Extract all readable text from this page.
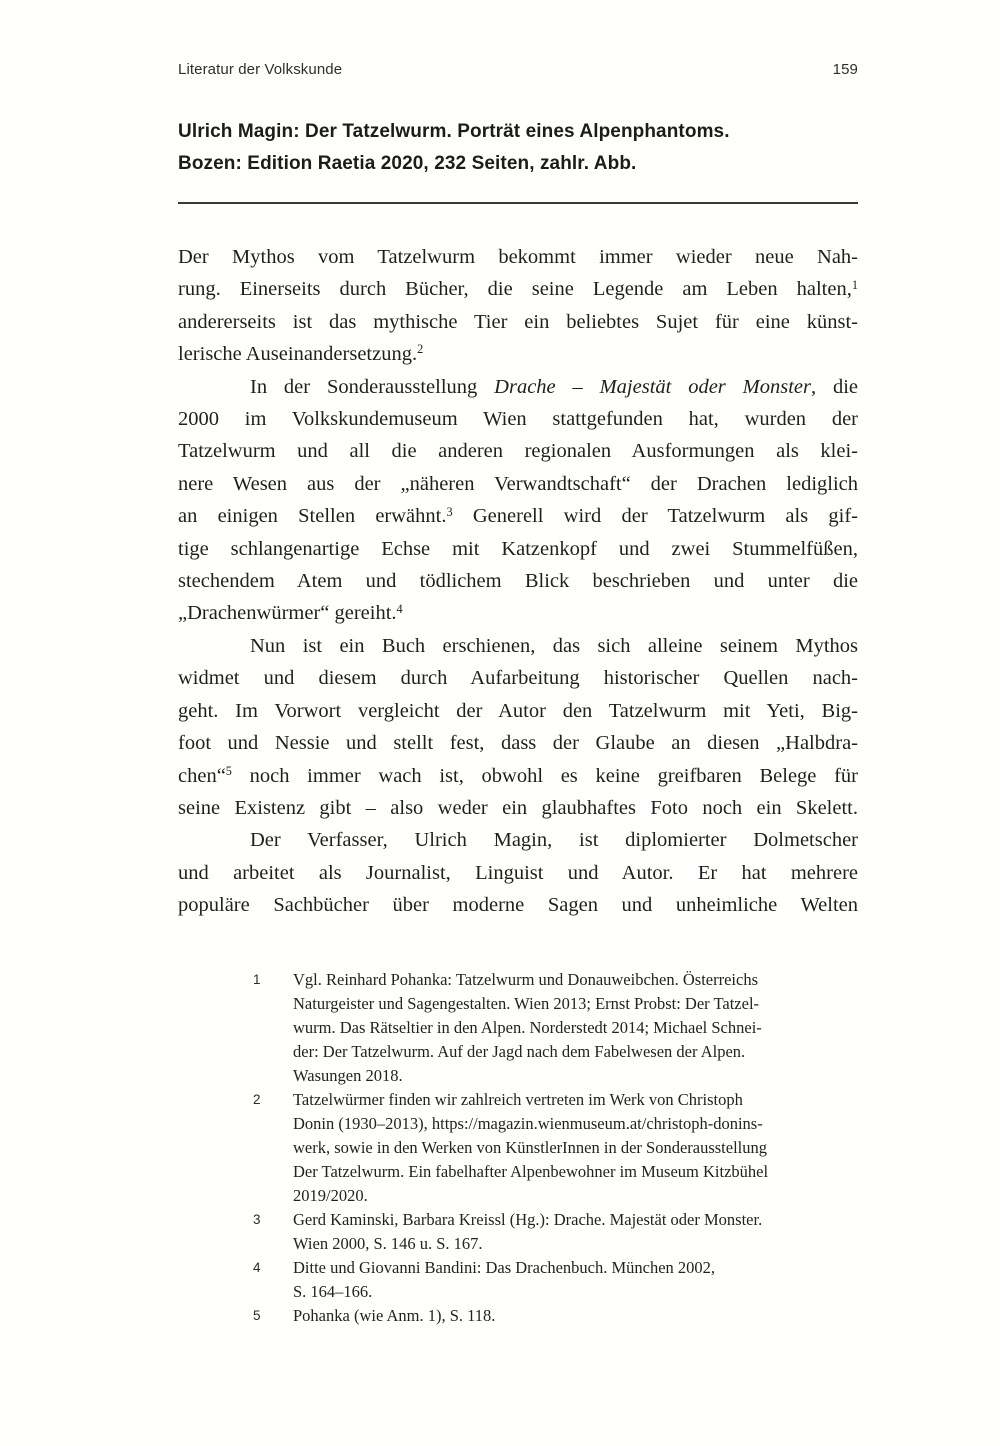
Literatur der Volkskunde	159
Ulrich Magin: Der Tatzelwurm. Porträt eines Alpenphantoms.
Bozen: Edition Raetia 2020, 232 Seiten, zahlr. Abb.
Der Mythos vom Tatzelwurm bekommt immer wieder neue Nah-
rung. Einerseits durch Bücher, die seine Legende am Leben halten,$^1$
andererseits ist das mythische Tier ein beliebtes Sujet für eine künst-
lerische Auseinandersetzung.$^2$
In der Sonderausstellung Drache – Majestät oder Monster, die
2000 im Volkskundemuseum Wien stattgefunden hat, wurden der
Tatzelwurm und all die anderen regionalen Ausformungen als klei-
nere Wesen aus der „näheren Verwandtschaft“ der Drachen lediglich
an einigen Stellen erwähnt.$^3$ Generell wird der Tatzelwurm als gif-
tige schlangenartige Echse mit Katzenkopf und zwei Stummelfüßen,
stechendem Atem und tödlichem Blick beschrieben und unter die
„Drachenwürmer“ gereiht.$^4$
Nun ist ein Buch erschienen, das sich alleine seinem Mythos
widmet und diesem durch Aufarbeitung historischer Quellen nach-
geht. Im Vorwort vergleicht der Autor den Tatzelwurm mit Yeti, Big-
foot und Nessie und stellt fest, dass der Glaube an diesen „Halbdra-
chen“$^5$ noch immer wach ist, obwohl es keine greifbaren Belege für
seine Existenz gibt – also weder ein glaubhaftes Foto noch ein Skelett.
Der Verfasser, Ulrich Magin, ist diplomierter Dolmetscher
und arbeitet als Journalist, Linguist und Autor. Er hat mehrere
populäre Sachbücher über moderne Sagen und unheimliche Welten
1	Vgl. Reinhard Pohanka: Tatzelwurm und Donauweibchen. Österreichs
Naturgeister und Sagengestalten. Wien 2013; Ernst Probst: Der Tatzel-
wurm. Das Rätseltier in den Alpen. Norderstedt 2014; Michael Schnei-
der: Der Tatzelwurm. Auf der Jagd nach dem Fabelwesen der Alpen.
Wasungen 2018.
2	Tatzelwürmer finden wir zahlreich vertreten im Werk von Christoph
Donin (1930–2013), https://magazin.wienmuseum.at/christoph-donins-
werk, sowie in den Werken von KünstlerInnen in der Sonderausstellung
Der Tatzelwurm. Ein fabelhafter Alpenbewohner im Museum Kitzbühel
2019/2020.
3	Gerd Kaminski, Barbara Kreissl (Hg.): Drache. Majestät oder Monster.
Wien 2000, S. 146 u. S. 167.
4	Ditte und Giovanni Bandini: Das Drachenbuch. München 2002,
S. 164–166.
5	Pohanka (wie Anm. 1), S. 118.
